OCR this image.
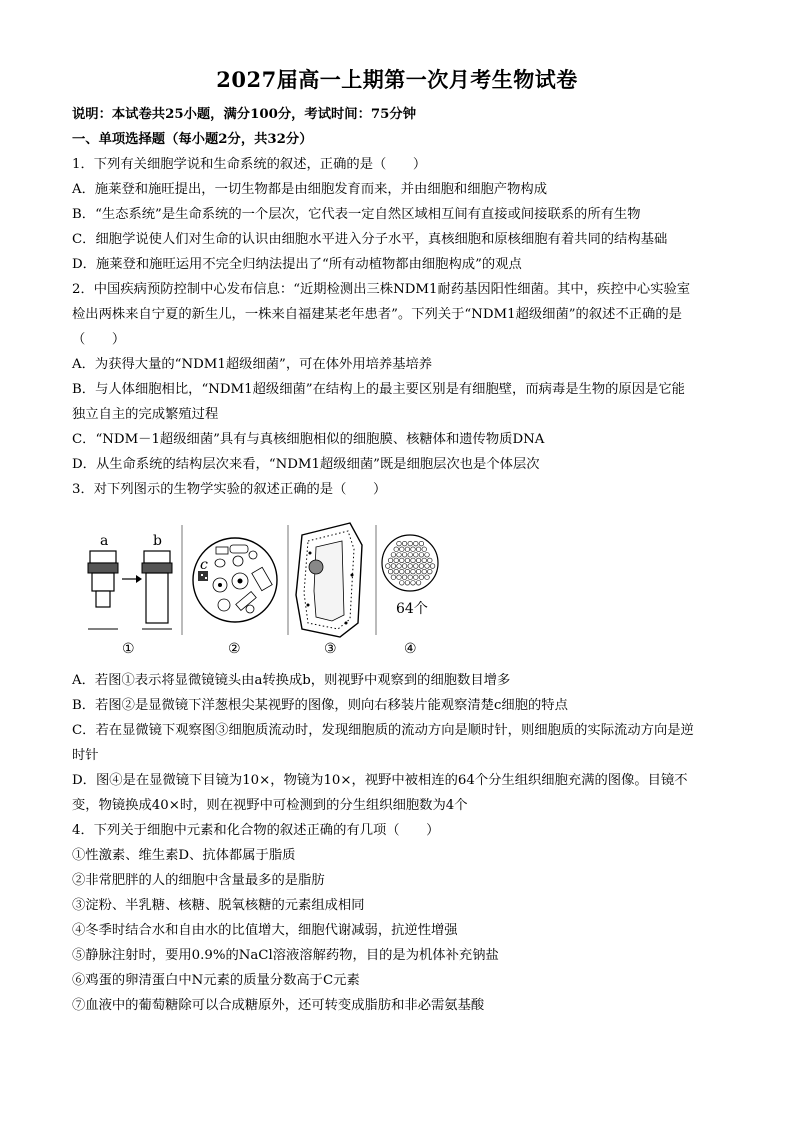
2027届高一上期第一次月考生物试卷
说明：本试卷共25小题，满分100分，考试时间：75分钟
一、单项选择题（每小题2分，共32分）
1．下列有关细胞学说和生命系统的叙述，正确的是（　　）
A．施莱登和施旺提出，一切生物都是由细胞发育而来，并由细胞和细胞产物构成
B．“生态系统”是生命系统的一个层次，它代表一定自然区域相互间有直接或间接联系的所有生物
C．细胞学说使人们对生命的认识由细胞水平进入分子水平，真核细胞和原核细胞有着共同的结构基础
D．施莱登和施旺运用不完全归纳法提出了“所有动植物都由细胞构成”的观点
2．中国疾病预防控制中心发布信息：“近期检测出三株NDM1耐药基因阳性细菌。其中，疾控中心实验室
检出两株来自宁夏的新生儿，一株来自福建某老年患者”。下列关于“NDM1超级细菌”的叙述不正确的是
（　　）
A．为获得大量的“NDM1超级细菌”，可在体外用培养基培养
B．与人体细胞相比，“NDM1超级细菌”在结构上的最主要区别是有细胞壁，而病毒是生物的原因是它能
独立自主的完成繁殖过程
C．“NDM－1超级细菌”具有与真核细胞相似的细胞膜、核糖体和遗传物质DNA
D．从生命系统的结构层次来看，“NDM1超级细菌”既是细胞层次也是个体层次
3．对下列图示的生物学实验的叙述正确的是（　　）
a	b
①
c
②	③
64个
④
A．若图①表示将显微镜镜头由a转换成b，则视野中观察到的细胞数目增多
B．若图②是显微镜下洋葱根尖某视野的图像，则向右移装片能观察清楚c细胞的特点
C．若在显微镜下观察图③细胞质流动时，发现细胞质的流动方向是顺时针，则细胞质的实际流动方向是逆
时针
D．图④是在显微镜下目镜为10×，物镜为10×，视野中被相连的64个分生组织细胞充满的图像。目镜不
变，物镜换成40×时，则在视野中可检测到的分生组织细胞数为4个
4．下列关于细胞中元素和化合物的叙述正确的有几项（　　）
①性激素、维生素D、抗体都属于脂质
②非常肥胖的人的细胞中含量最多的是脂肪
③淀粉、半乳糖、核糖、脱氧核糖的元素组成相同
④冬季时结合水和自由水的比值增大，细胞代谢减弱，抗逆性增强
⑤静脉注射时，要用0.9%的NaCl溶液溶解药物，目的是为机体补充钠盐
⑥鸡蛋的卵清蛋白中N元素的质量分数高于C元素
⑦血液中的葡萄糖除可以合成糖原外，还可转变成脂肪和非必需氨基酸
